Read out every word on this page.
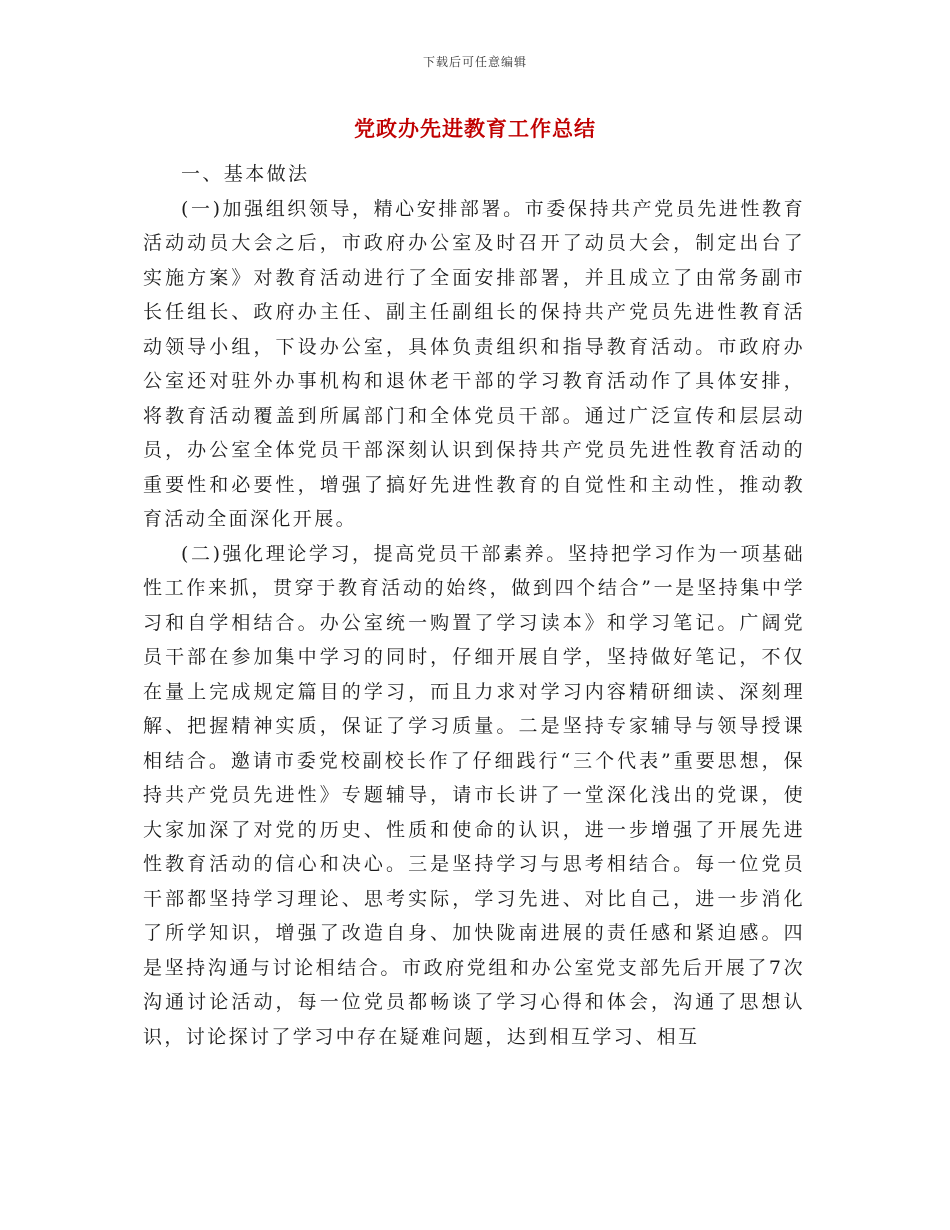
下载后可任意编辑
党政办先进教育工作总结

一、基本做法

(一)加强组织领导，精心安排部署。市委保持共产党员先进性教育活动动员大会之后，市政府办公室及时召开了动员大会，制定出台了实施方案》对教育活动进行了全面安排部署，并且成立了由常务副市长任组长、政府办主任、副主任副组长的保持共产党员先进性教育活动领导小组，下设办公室，具体负责组织和指导教育活动。市政府办公室还对驻外办事机构和退休老干部的学习教育活动作了具体安排，将教育活动覆盖到所属部门和全体党员干部。通过广泛宣传和层层动员，办公室全体党员干部深刻认识到保持共产党员先进性教育活动的重要性和必要性，增强了搞好先进性教育的自觉性和主动性，推动教育活动全面深化开展。

(二)强化理论学习，提高党员干部素养。坚持把学习作为一项基础性工作来抓，贯穿于教育活动的始终，做到四个结合”一是坚持集中学习和自学相结合。办公室统一购置了学习读本》和学习笔记。广阔党员干部在参加集中学习的同时，仔细开展自学，坚持做好笔记，不仅在量上完成规定篇目的学习，而且力求对学习内容精研细读、深刻理解、把握精神实质，保证了学习质量。二是坚持专家辅导与领导授课相结合。邀请市委党校副校长作了仔细践行“三个代表”重要思想，保持共产党员先进性》专题辅导，请市长讲了一堂深化浅出的党课，使大家加深了对党的历史、性质和使命的认识，进一步增强了开展先进性教育活动的信心和决心。三是坚持学习与思考相结合。每一位党员干部都坚持学习理论、思考实际，学习先进、对比自己，进一步消化了所学知识，增强了改造自身、加快陇南进展的责任感和紧迫感。四是坚持沟通与讨论相结合。市政府党组和办公室党支部先后开展了7次沟通讨论活动，每一位党员都畅谈了学习心得和体会，沟通了思想认识，讨论探讨了学习中存在疑难问题，达到相互学习、相互
